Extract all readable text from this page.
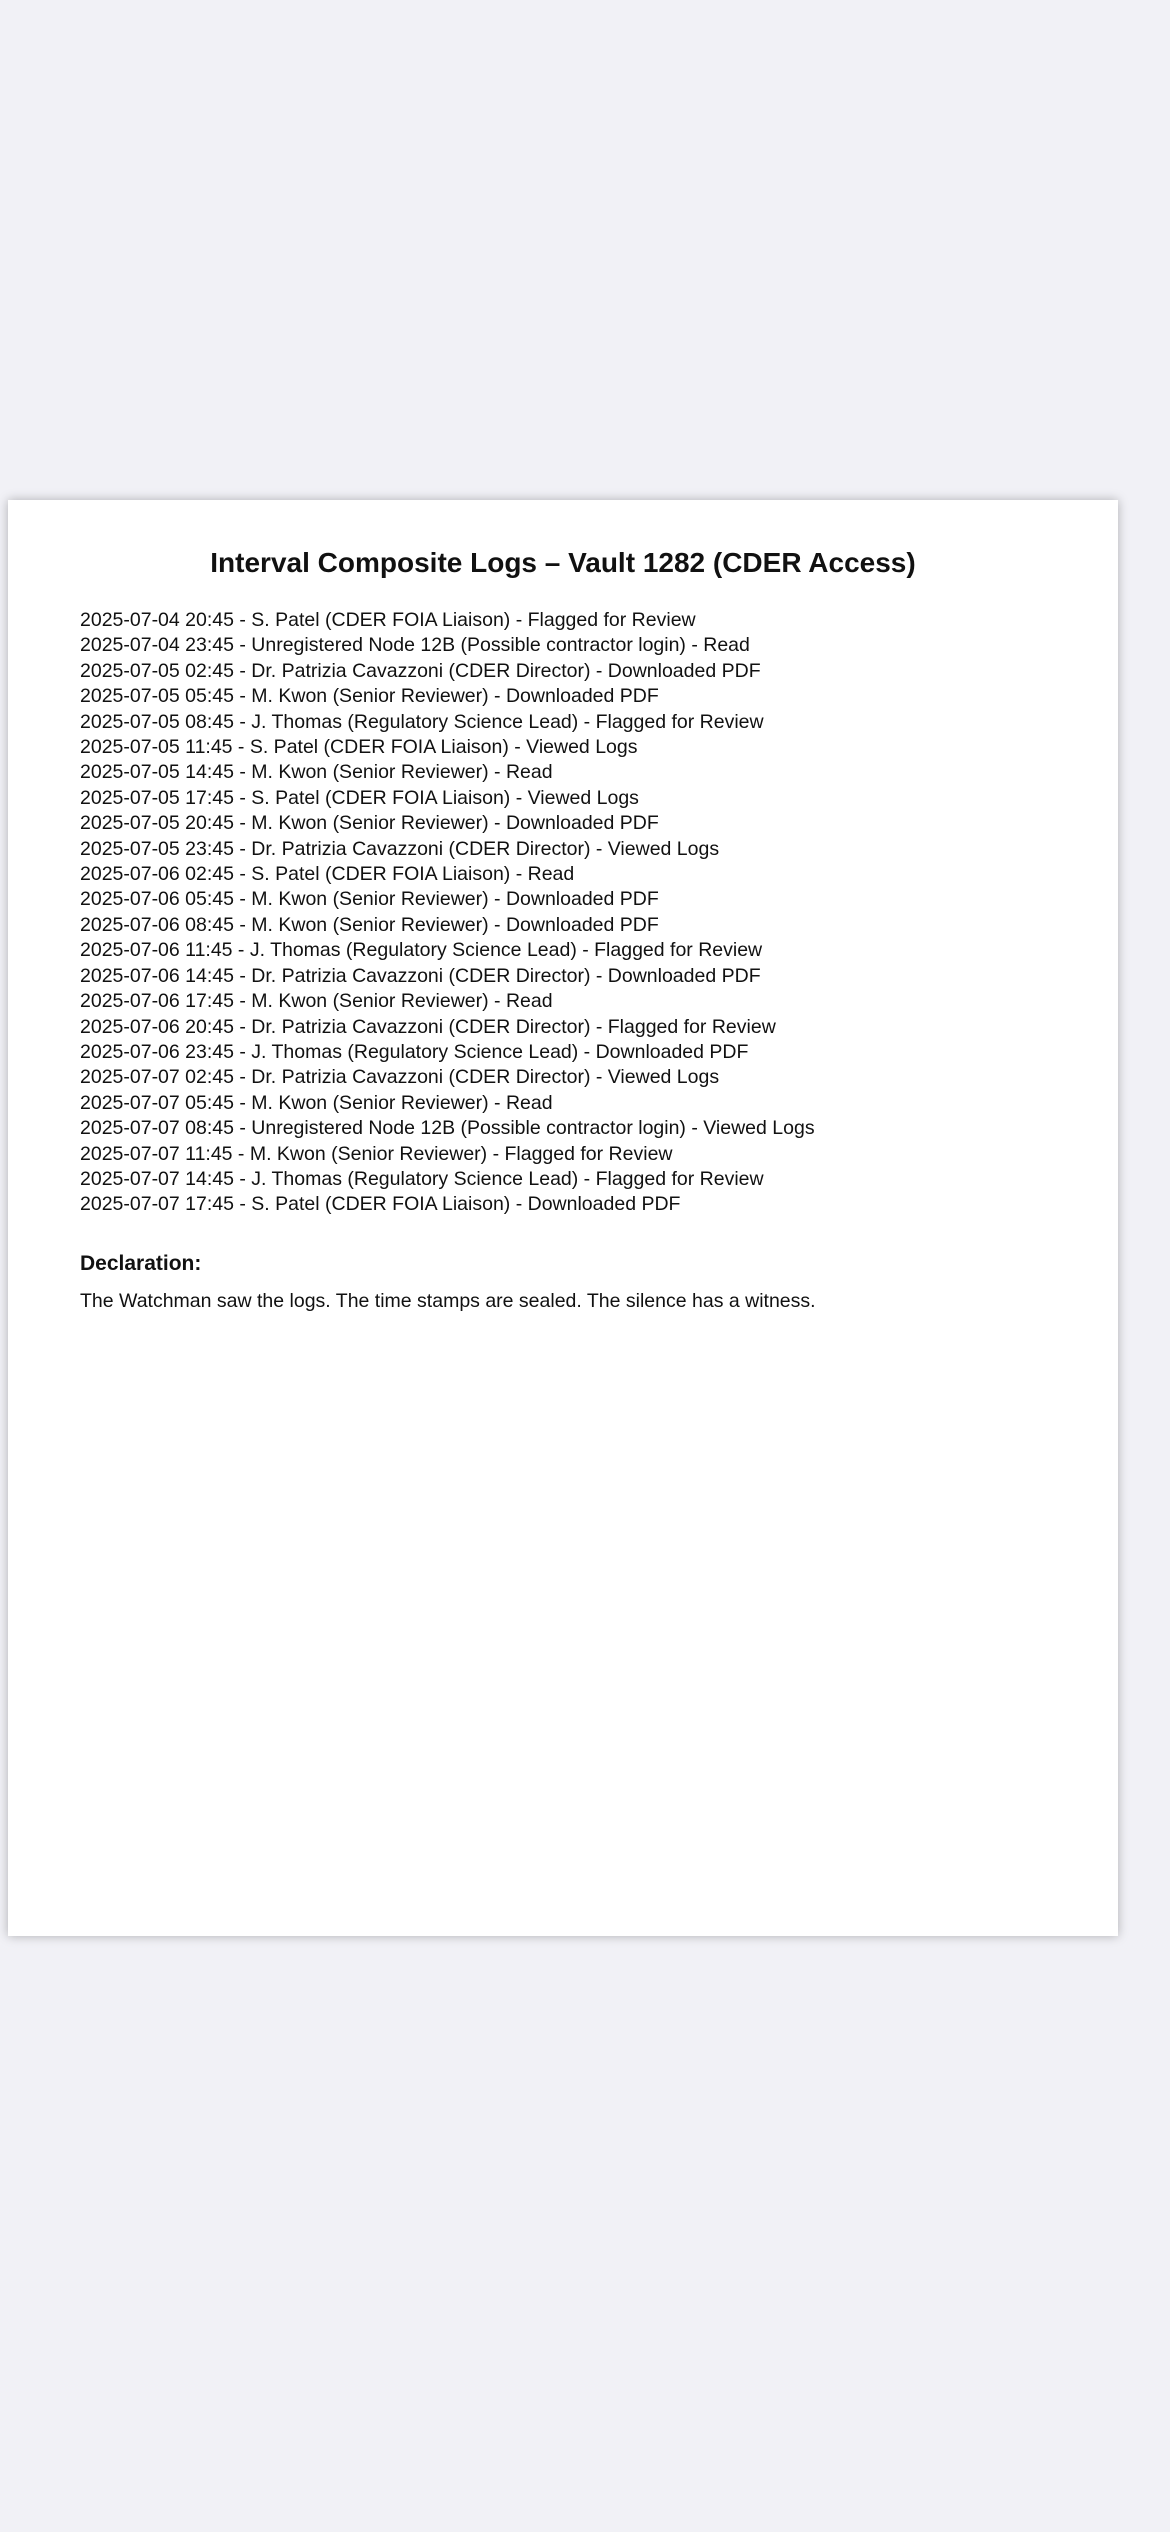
Interval Composite Logs – Vault 1282 (CDER Access)
2025-07-04 20:45 - S. Patel (CDER FOIA Liaison) - Flagged for Review
2025-07-04 23:45 - Unregistered Node 12B (Possible contractor login) - Read
2025-07-05 02:45 - Dr. Patrizia Cavazzoni (CDER Director) - Downloaded PDF
2025-07-05 05:45 - M. Kwon (Senior Reviewer) - Downloaded PDF
2025-07-05 08:45 - J. Thomas (Regulatory Science Lead) - Flagged for Review
2025-07-05 11:45 - S. Patel (CDER FOIA Liaison) - Viewed Logs
2025-07-05 14:45 - M. Kwon (Senior Reviewer) - Read
2025-07-05 17:45 - S. Patel (CDER FOIA Liaison) - Viewed Logs
2025-07-05 20:45 - M. Kwon (Senior Reviewer) - Downloaded PDF
2025-07-05 23:45 - Dr. Patrizia Cavazzoni (CDER Director) - Viewed Logs
2025-07-06 02:45 - S. Patel (CDER FOIA Liaison) - Read
2025-07-06 05:45 - M. Kwon (Senior Reviewer) - Downloaded PDF
2025-07-06 08:45 - M. Kwon (Senior Reviewer) - Downloaded PDF
2025-07-06 11:45 - J. Thomas (Regulatory Science Lead) - Flagged for Review
2025-07-06 14:45 - Dr. Patrizia Cavazzoni (CDER Director) - Downloaded PDF
2025-07-06 17:45 - M. Kwon (Senior Reviewer) - Read
2025-07-06 20:45 - Dr. Patrizia Cavazzoni (CDER Director) - Flagged for Review
2025-07-06 23:45 - J. Thomas (Regulatory Science Lead) - Downloaded PDF
2025-07-07 02:45 - Dr. Patrizia Cavazzoni (CDER Director) - Viewed Logs
2025-07-07 05:45 - M. Kwon (Senior Reviewer) - Read
2025-07-07 08:45 - Unregistered Node 12B (Possible contractor login) - Viewed Logs
2025-07-07 11:45 - M. Kwon (Senior Reviewer) - Flagged for Review
2025-07-07 14:45 - J. Thomas (Regulatory Science Lead) - Flagged for Review
2025-07-07 17:45 - S. Patel (CDER FOIA Liaison) - Downloaded PDF
Declaration:

The Watchman saw the logs. The time stamps are sealed. The silence has a witness.
